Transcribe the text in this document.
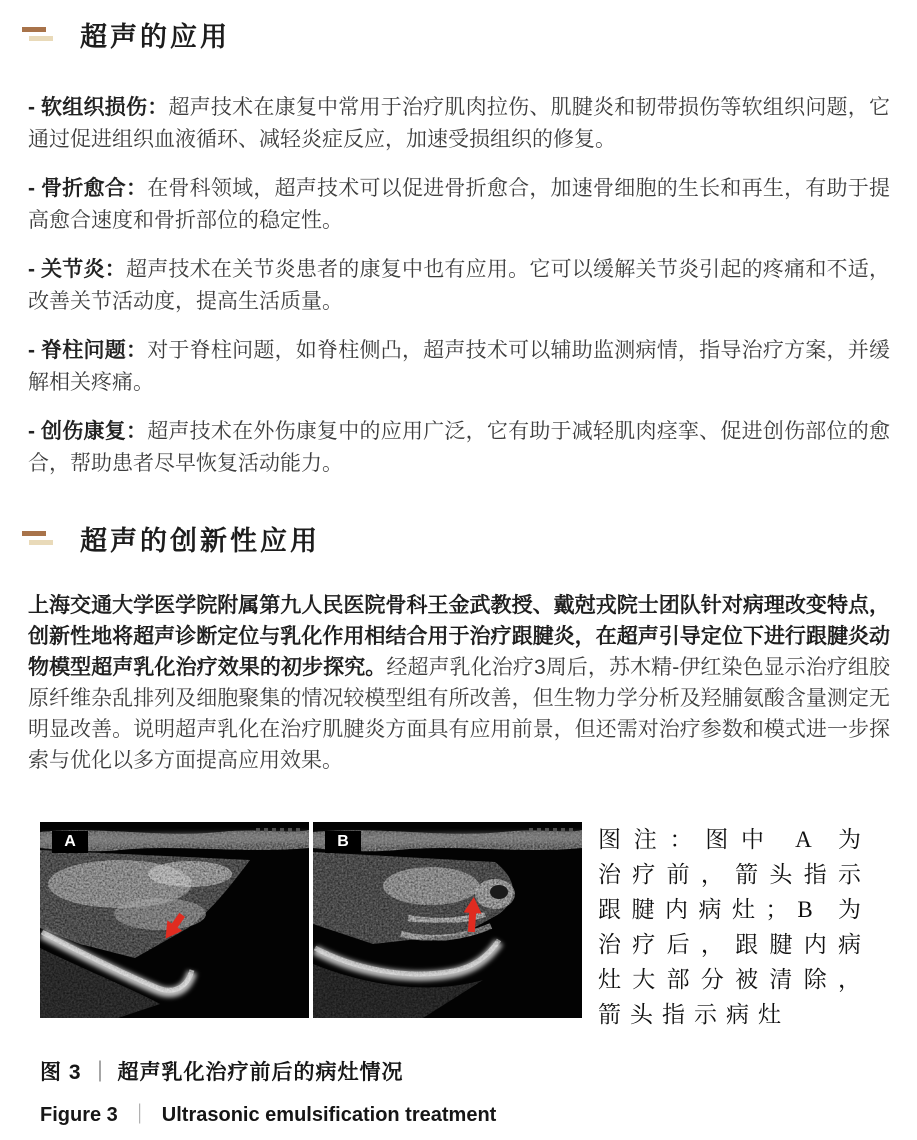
超声的应用

- 软组织损伤：超声技术在康复中常用于治疗肌肉拉伤、肌腱炎和韧带损伤等软组织问题，它通过促进组织血液循环、减轻炎症反应，加速受损组织的修复。

- 骨折愈合：在骨科领域，超声技术可以促进骨折愈合，加速骨细胞的生长和再生，有助于提高愈合速度和骨折部位的稳定性。

- 关节炎：超声技术在关节炎患者的康复中也有应用。它可以缓解关节炎引起的疼痛和不适，改善关节活动度，提高生活质量。

- 脊柱问题：对于脊柱问题，如脊柱侧凸，超声技术可以辅助监测病情，指导治疗方案，并缓解相关疼痛。

- 创伤康复：超声技术在外伤康复中的应用广泛，它有助于减轻肌肉痉挛、促进创伤部位的愈合，帮助患者尽早恢复活动能力。

超声的创新性应用

上海交通大学医学院附属第九人民医院骨科王金武教授、戴尅戎院士团队针对病理改变特点，创新性地将超声诊断定位与乳化作用相结合用于治疗跟腱炎，在超声引导定位下进行跟腱炎动物模型超声乳化治疗效果的初步探究。经超声乳化治疗3周后，苏木精-伊红染色显示治疗组胶原纤维杂乱排列及细胞聚集的情况较模型组有所改善，但生物力学分析及羟脯氨酸含量测定无明显改善。说明超声乳化在治疗肌腱炎方面具有应用前景，但还需对治疗参数和模式进一步探索与优化以多方面提高应用效果。

A	B	图注：图中 A 为治疗前，箭头指示跟腱内病灶；B 为治疗后，跟腱内病灶大部分被清除，箭头指示病灶
图 3 ｜ 超声乳化治疗前后的病灶情况
Figure 3 ｜ Ultrasonic emulsification treatment
